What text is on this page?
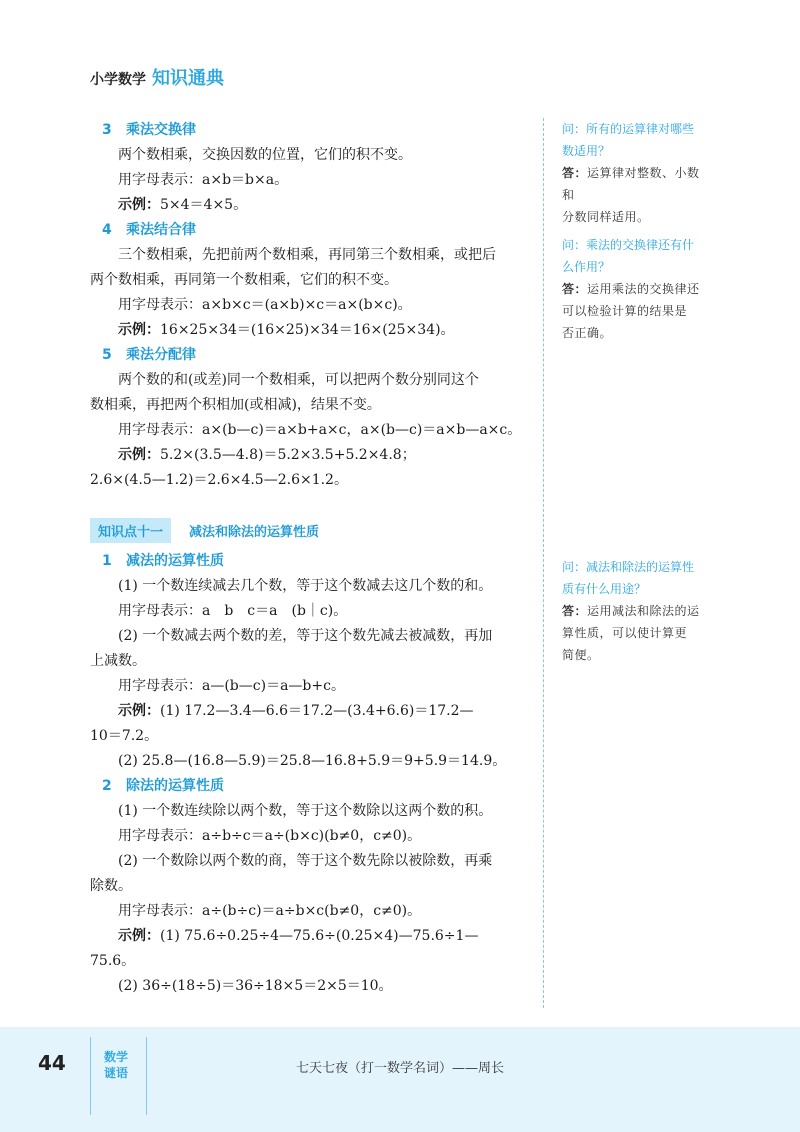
小学数学 知识通典
3 乘法交换律
两个数相乘，交换因数的位置，它们的积不变。
用字母表示：a×b＝b×a。
示例：5×4＝4×5。
4 乘法结合律
三个数相乘，先把前两个数相乘，再同第三个数相乘，或把后
两个数相乘，再同第一个数相乘，它们的积不变。
用字母表示：a×b×c＝(a×b)×c＝a×(b×c)。
示例：16×25×34＝(16×25)×34＝16×(25×34)。
5 乘法分配律
两个数的和(或差)同一个数相乘，可以把两个数分别同这个
数相乘，再把两个积相加(或相减)，结果不变。
用字母表示：a×(b—c)＝a×b+a×c，a×(b—c)＝a×b—a×c。
示例：5.2×(3.5—4.8)＝5.2×3.5+5.2×4.8；
2.6×(4.5—1.2)＝2.6×4.5—2.6×1.2。
知识点十一	减法和除法的运算性质
1 减法的运算性质
(1) 一个数连续减去几个数，等于这个数减去这几个数的和。
用字母表示：a　b　c＝a　(b｜c)。
(2) 一个数减去两个数的差，等于这个数先减去被减数，再加
上减数。
用字母表示：a—(b—c)＝a—b+c。
示例：(1) 17.2—3.4—6.6＝17.2—(3.4+6.6)＝17.2—
10＝7.2。
(2) 25.8—(16.8—5.9)＝25.8—16.8+5.9＝9+5.9＝14.9。
2 除法的运算性质
(1) 一个数连续除以两个数，等于这个数除以这两个数的积。
用字母表示：a÷b÷c＝a÷(b×c)(b≠0，c≠0)。
(2) 一个数除以两个数的商，等于这个数先除以被除数，再乘
除数。
用字母表示：a÷(b÷c)＝a÷b×c(b≠0，c≠0)。
示例：(1) 75.6÷0.25÷4—75.6÷(0.25×4)—75.6÷1—
75.6。
(2) 36÷(18÷5)＝36÷18×5＝2×5＝10。
问：所有的运算律对哪些
数适用？
答：运算律对整数、小数和
分数同样适用。
问：乘法的交换律还有什
么作用？
答：运用乘法的交换律还
可以检验计算的结果是
否正确。
问：减法和除法的运算性
质有什么用途？
答：运用减法和除法的运
算性质，可以使计算更
简便。
44	数学
谜语	七天七夜（打一数学名词）——周长
